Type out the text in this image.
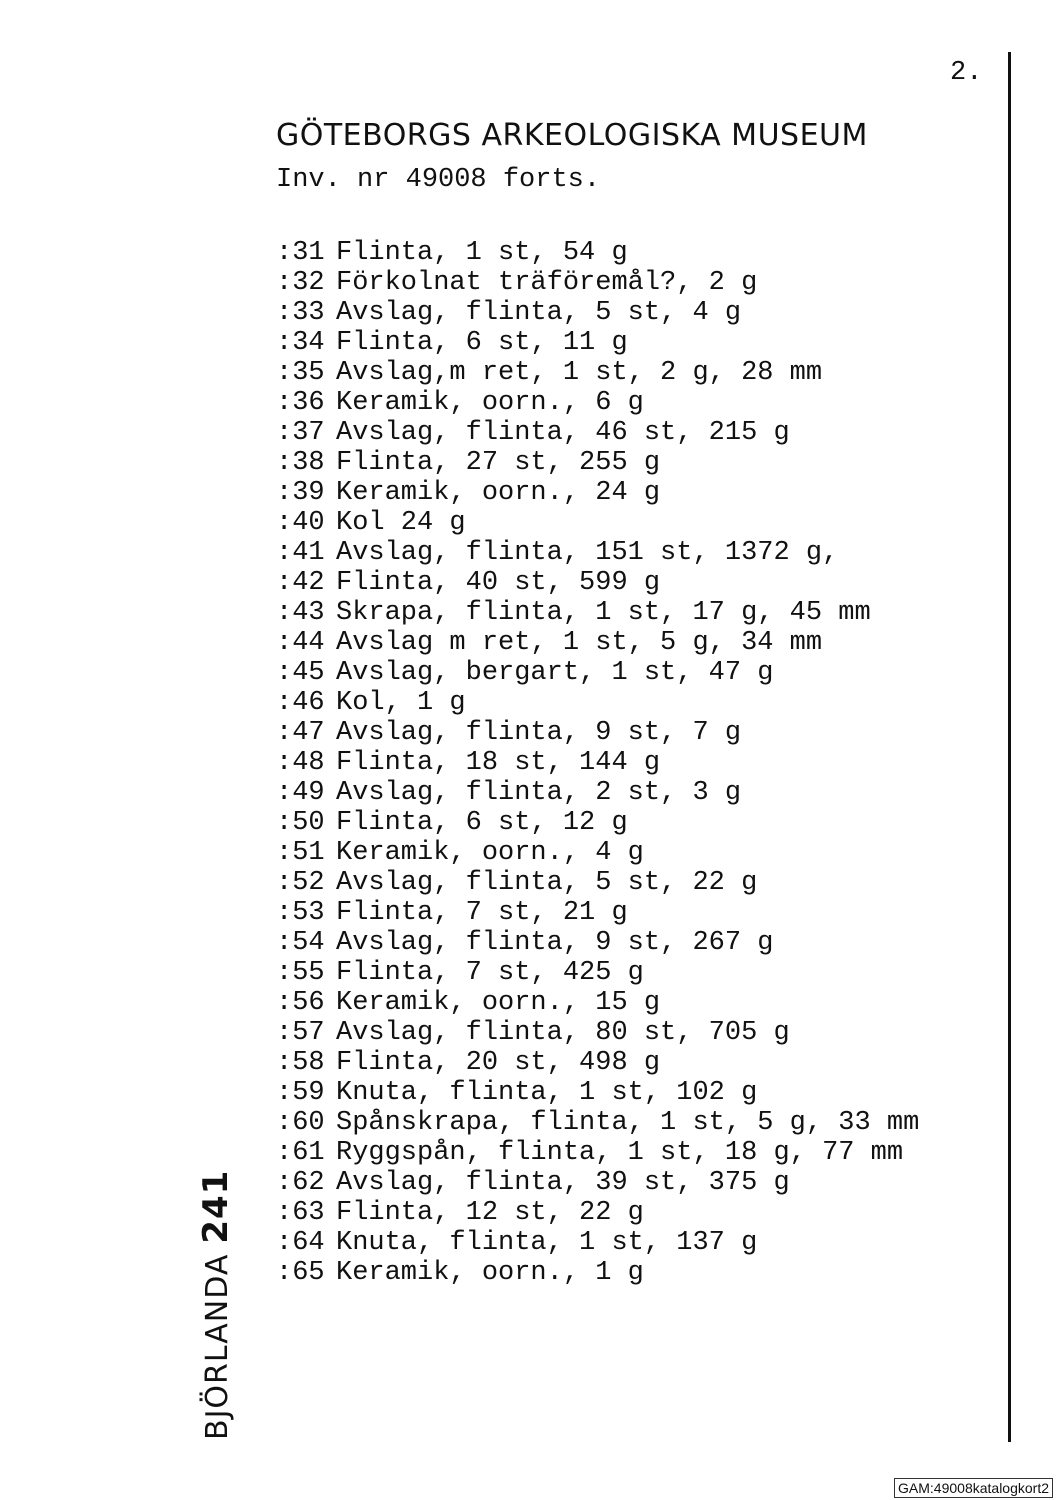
2.
GÖTEBORGS ARKEOLOGISKA MUSEUM
Inv. nr 49008 forts.
:31 Flinta, 1 st, 54 g
:32 Förkolnat träföremål?, 2 g
:33 Avslag, flinta, 5 st, 4 g
:34 Flinta, 6 st, 11 g
:35 Avslag,m ret, 1 st, 2 g, 28 mm
:36 Keramik, oorn., 6 g
:37 Avslag, flinta, 46 st, 215 g
:38 Flinta, 27 st, 255 g
:39 Keramik, oorn., 24 g
:40 Kol 24 g
:41 Avslag, flinta, 151 st, 1372 g,
:42 Flinta, 40 st, 599 g
:43 Skrapa, flinta, 1 st, 17 g, 45 mm
:44 Avslag m ret, 1 st, 5 g, 34 mm
:45 Avslag, bergart, 1 st, 47 g
:46 Kol, 1 g
:47 Avslag, flinta, 9 st, 7 g
:48 Flinta, 18 st, 144 g
:49 Avslag, flinta, 2 st, 3 g
:50 Flinta, 6 st, 12 g
:51 Keramik, oorn., 4 g
:52 Avslag, flinta, 5 st, 22 g
:53 Flinta, 7 st, 21 g
:54 Avslag, flinta, 9 st, 267 g
:55 Flinta, 7 st, 425 g
:56 Keramik, oorn., 15 g
:57 Avslag, flinta, 80 st, 705 g
:58 Flinta, 20 st, 498 g
:59 Knuta, flinta, 1 st, 102 g
:60 Spånskrapa, flinta, 1 st, 5 g, 33 mm
:61 Ryggspån, flinta, 1 st, 18 g, 77 mm
:62 Avslag, flinta, 39 st, 375 g
:63 Flinta, 12 st, 22 g
:64 Knuta, flinta, 1 st, 137 g
:65 Keramik, oorn., 1 g
BJÖRLANDA241
GAM:49008katalogkort2
